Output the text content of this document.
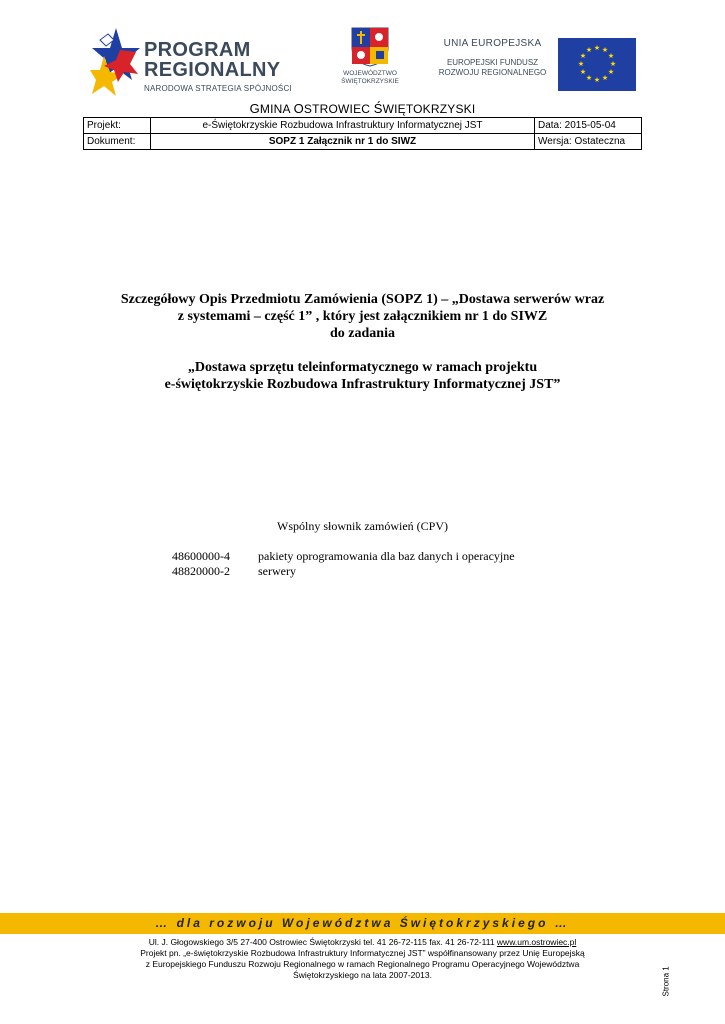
PROGRAM
REGIONALNY
NARODOWA STRATEGIA SPÓJNOŚCI
WOJEWÓDZTWO
ŚWIĘTOKRZYSKIE
UNIA EUROPEJSKA
EUROPEJSKI FUNDUSZ
ROZWOJU REGIONALNEGO
★ ★
★
★
★
★
★
★
★
★
★
★
GMINA OSTROWIEC ŚWIĘTOKRZYSKI
Projekt:	e-Świętokrzyskie Rozbudowa Infrastruktury Informatycznej JST	Data: 2015-05-04
Dokument:	SOPZ 1 Załącznik nr 1 do SIWZ	Wersja: Ostateczna

Szczegółowy Opis Przedmiotu Zamówienia (SOPZ 1) – „Dostawa serwerów wraz

z systemami – część 1” , który jest załącznikiem nr 1 do SIWZ

do zadania

„Dostawa sprzętu teleinformatycznego w ramach projektu

e-świętokrzyskie Rozbudowa Infrastruktury Informatycznej JST”

Wspólny słownik zamówień (CPV)
48600000-4 pakiety oprogramowania dla baz danych i operacyjne
48820000-2 serwery
… dla rozwoju Województwa Świętokrzyskiego …

Ul. J. Głogowskiego 3/5 27-400 Ostrowiec Świętokrzyski tel. 41 26-72-115 fax. 41 26-72-111 www.um.ostrowiec.pl

Projekt pn. „e-świętokrzyskie Rozbudowa Infrastruktury Informatycznej JST” współfinansowany przez Unię Europejską

z Europejskiego Funduszu Rozwoju Regionalnego w ramach Regionalnego Programu Operacyjnego Województwa

Świętokrzyskiego na lata 2007-2013.	Strona 1
